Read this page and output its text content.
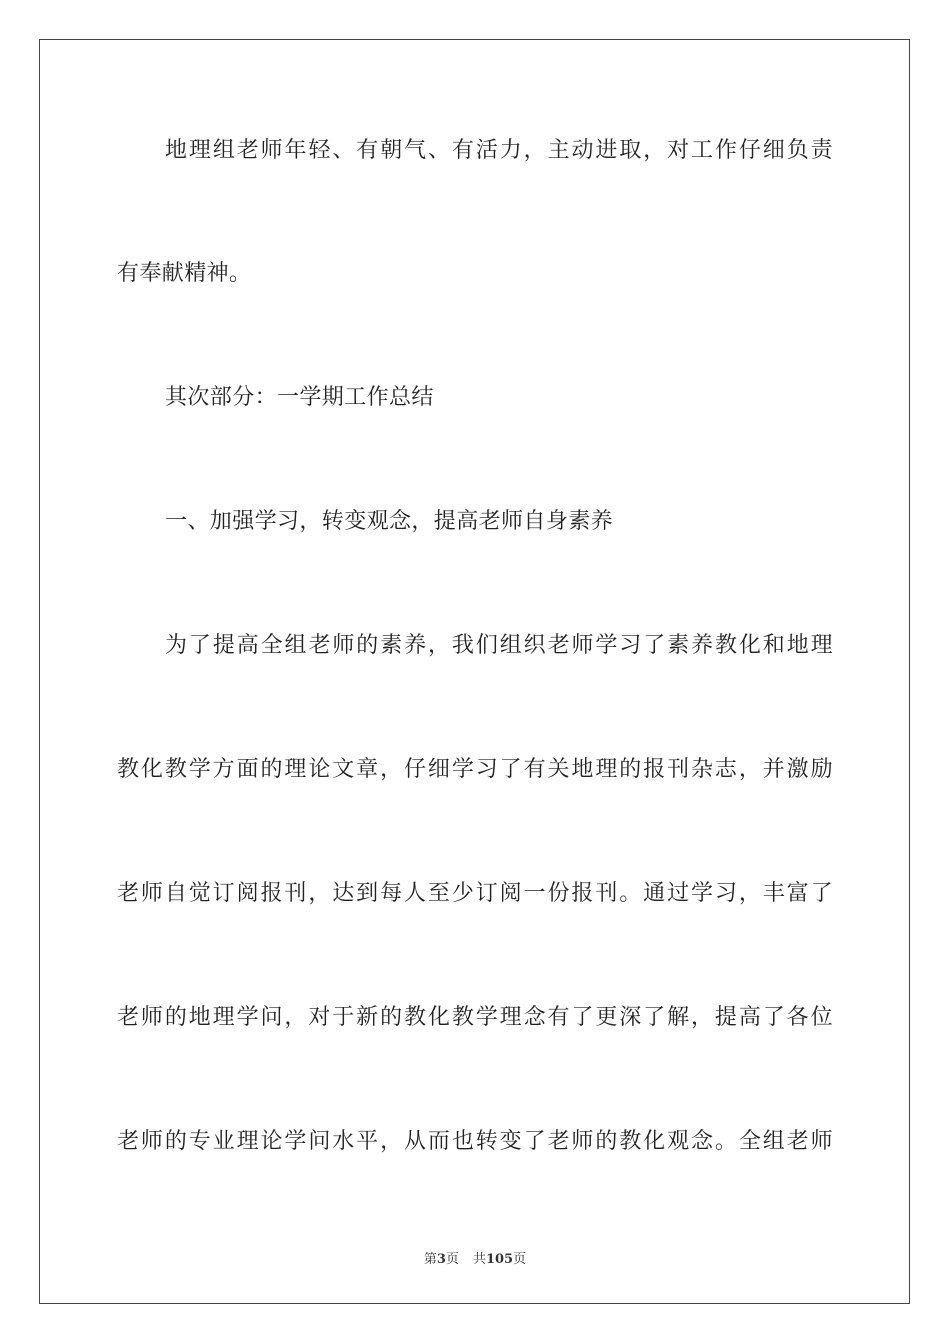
地理组老师年轻、有朝气、有活力，主动进取，对工作仔细负责
有奉献精神。
其次部分：一学期工作总结
一、加强学习，转变观念，提高老师自身素养
为了提高全组老师的素养，我们组织老师学习了素养教化和地理
教化教学方面的理论文章，仔细学习了有关地理的报刊杂志，并激励
老师自觉订阅报刊，达到每人至少订阅一份报刊。通过学习，丰富了
老师的地理学问，对于新的教化教学理念有了更深了解，提高了各位
老师的专业理论学问水平，从而也转变了老师的教化观念。全组老师
第3页 共105页
